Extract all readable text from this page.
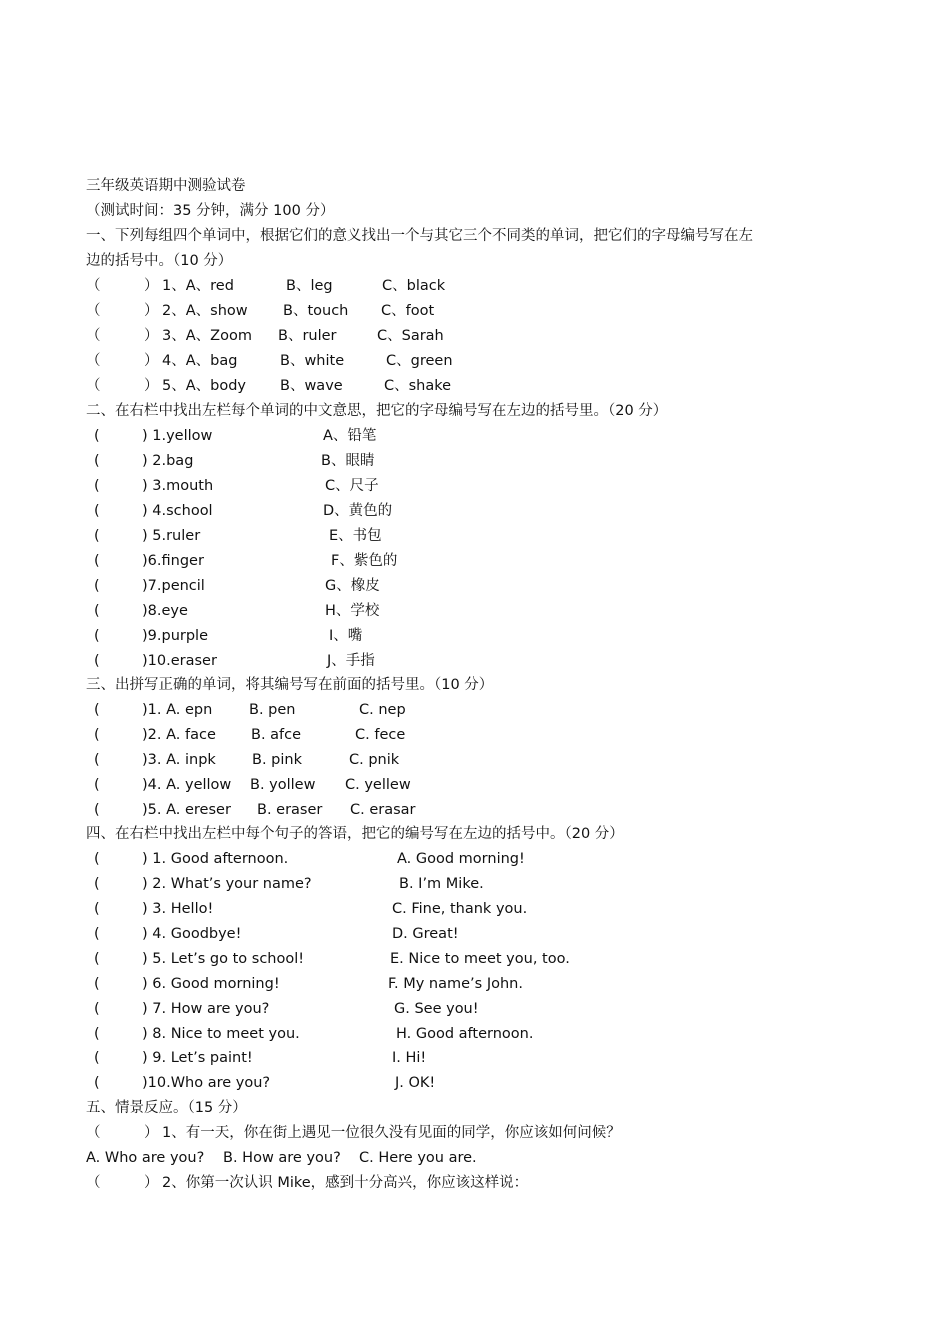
三年级英语期中测验试卷
（测试时间：35 分钟，满分 100 分）
一、下列每组四个单词中，根据它们的意义找出一个与其它三个不同类的单词，把它们的字母编号写在左
边的括号中。（10 分）
（　　　） 1、A、red	B、leg	C、black
（　　　） 2、A、show B、touch C、foot
（　　　） 3、A、Zoom B、ruler	C、Sarah
（　　　） 4、A、bag	B、white	C、green
（　　　） 5、A、body B、wave	C、shake
二、在右栏中找出左栏每个单词的中文意思，把它的字母编号写在左边的括号里。（20 分）
(	) 1.yellow	A、铅笔
(	) 2.bag	B、眼睛
(	) 3.mouth	C、尺子
(	) 4.school	D、黄色的
(	) 5.ruler	E、书包
(	)6.finger	F、紫色的
(	)7.pencil	G、橡皮
(	)8.eye	H、学校
(	)9.purple	I、嘴
(	)10.eraser	J、手指
三、出拼写正确的单词，将其编号写在前面的括号里。（10 分）
(	)1. A. epn	B. pen	C. nep
(	)2. A. face B. afce	C. fece
(	)3. A. inpk B. pink	C. pnik
(	)4. A. yellow B. yollew C. yellew
(	)5. A. ereser B. eraser C. erasar
四、在右栏中找出左栏中每个句子的答语，把它的编号写在左边的括号中。（20 分）
(	) 1. Good afternoon.	A. Good morning!
(	) 2. What’s your name?	B. I’m Mike.
(	) 3. Hello!	C. Fine, thank you.
(	) 4. Goodbye!	D. Great!
(	) 5. Let’s go to school!	E. Nice to meet you, too.
(	) 6. Good morning!	F. My name’s John.
(	) 7. How are you?	G. See you!
(	) 8. Nice to meet you.	H. Good afternoon.
(	) 9. Let’s paint!	I. Hi!
(	)10.Who are you?	J. OK!
五、情景反应。（15 分）
（　　　） 1、有一天，你在街上遇见一位很久没有见面的同学，你应该如何问候？
A. Who are you? B. How are you? C. Here you are.
（　　　） 2、你第一次认识 Mike，感到十分高兴，你应该这样说：
